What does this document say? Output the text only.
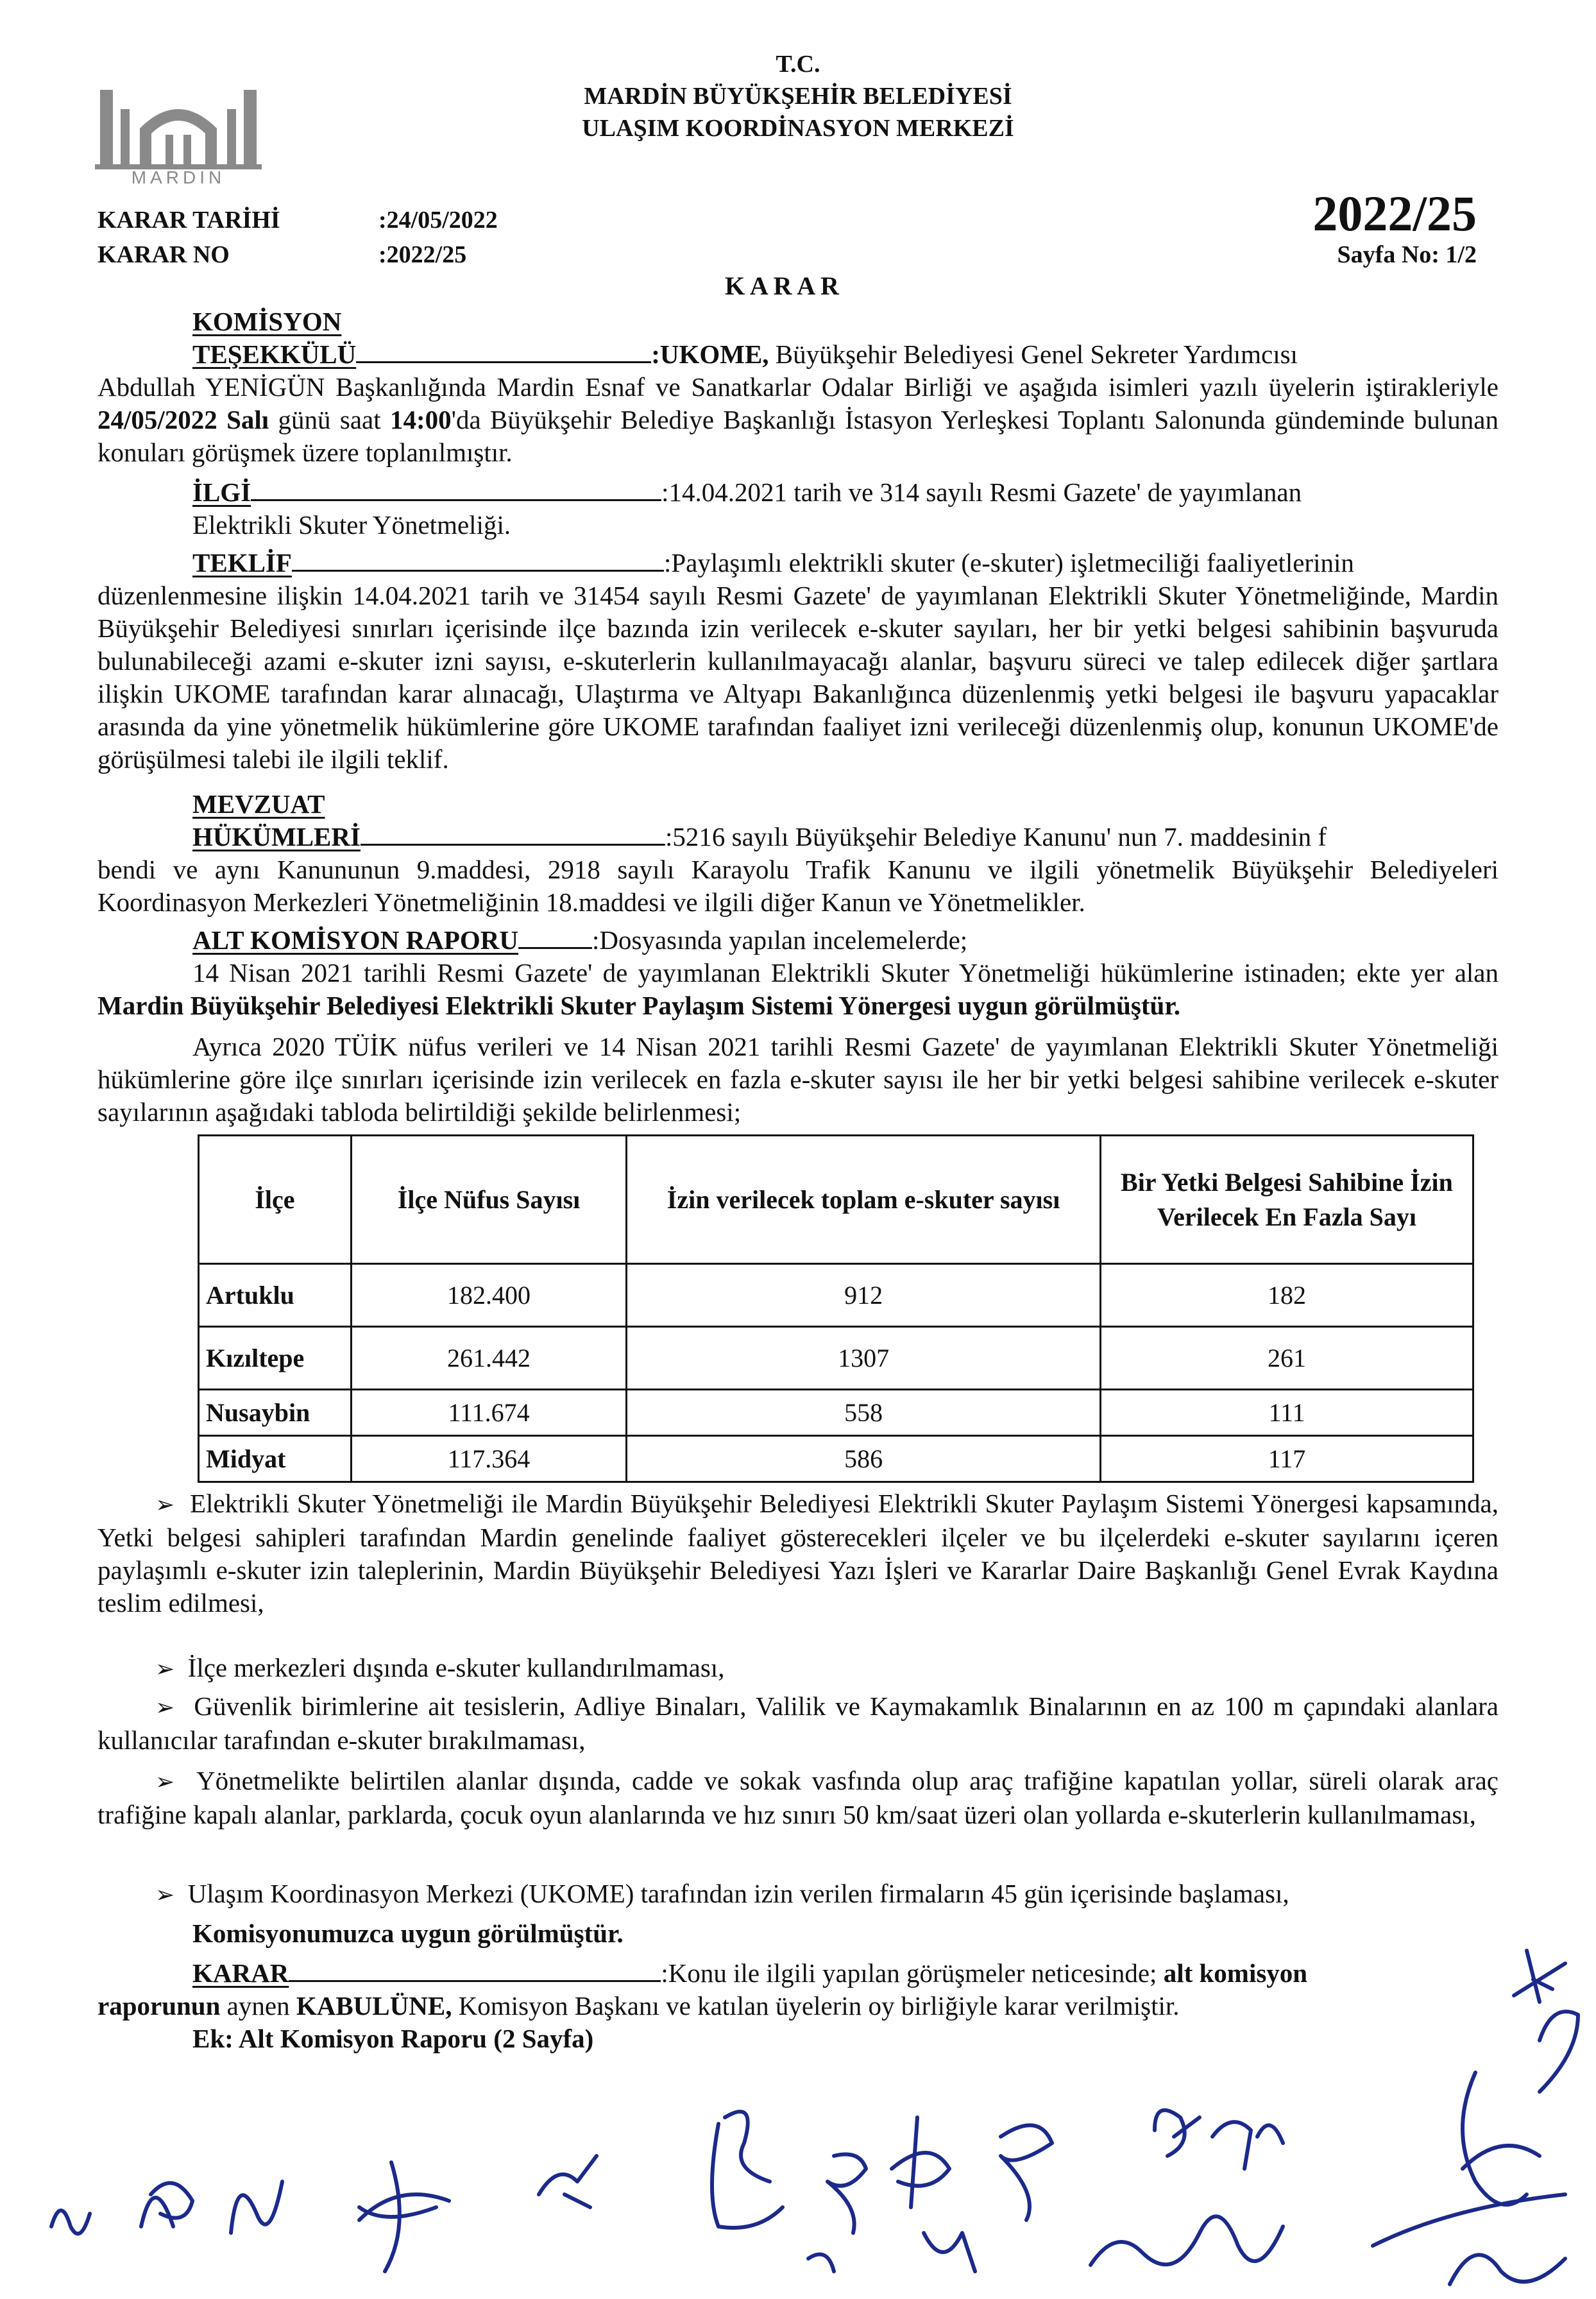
MARDİN
T.C.
MARDİN BÜYÜKŞEHİR BELEDİYESİ
ULAŞIM KOORDİNASYON MERKEZİ
KARAR TARİHİ	:24/05/2022
KARAR NO	:2022/25
2022/25
Sayfa No: 1/2
K A R A R
KOMİSYON
TEŞEKKÜLÜ	:UKOME, Büyükşehir Belediyesi Genel Sekreter Yardımcısı
Abdullah YENİGÜN Başkanlığında Mardin Esnaf ve Sanatkarlar Odalar Birliği ve aşağıda isimleri yazılı üyelerin iştirakleriyle 24/05/2022 Salı günü saat 14:00'da Büyükşehir Belediye Başkanlığı İstasyon Yerleşkesi Toplantı Salonunda gündeminde bulunan konuları görüşmek üzere toplanılmıştır.
İLGİ	:14.04.2021 tarih ve 314 sayılı Resmi Gazete' de yayımlanan
Elektrikli Skuter Yönetmeliği.
TEKLİF	:Paylaşımlı elektrikli skuter (e-skuter) işletmeciliği faaliyetlerinin
düzenlenmesine ilişkin 14.04.2021 tarih ve 31454 sayılı Resmi Gazete' de yayımlanan Elektrikli Skuter Yönetmeliğinde, Mardin Büyükşehir Belediyesi sınırları içerisinde ilçe bazında izin verilecek e-skuter sayıları, her bir yetki belgesi sahibinin başvuruda bulunabileceği azami e-skuter izni sayısı, e-skuterlerin kullanılmayacağı alanlar, başvuru süreci ve talep edilecek diğer şartlara ilişkin UKOME tarafından karar alınacağı, Ulaştırma ve Altyapı Bakanlığınca düzenlenmiş yetki belgesi ile başvuru yapacaklar arasında da yine yönetmelik hükümlerine göre UKOME tarafından faaliyet izni verileceği düzenlenmiş olup, konunun UKOME'de görüşülmesi talebi ile ilgili teklif.
MEVZUAT
HÜKÜMLERİ	:5216 sayılı Büyükşehir Belediye Kanunu' nun 7. maddesinin f
bendi ve aynı Kanununun 9.maddesi, 2918 sayılı Karayolu Trafik Kanunu ve ilgili yönetmelik Büyükşehir Belediyeleri Koordinasyon Merkezleri Yönetmeliğinin 18.maddesi ve ilgili diğer Kanun ve Yönetmelikler.
ALT KOMİSYON RAPORU	:Dosyasında yapılan incelemelerde;
14 Nisan 2021 tarihli Resmi Gazete' de yayımlanan Elektrikli Skuter Yönetmeliği hükümlerine istinaden; ekte yer alan Mardin Büyükşehir Belediyesi Elektrikli Skuter Paylaşım Sistemi Yönergesi uygun görülmüştür.
Ayrıca 2020 TÜİK nüfus verileri ve 14 Nisan 2021 tarihli Resmi Gazete' de yayımlanan Elektrikli Skuter Yönetmeliği hükümlerine göre ilçe sınırları içerisinde izin verilecek en fazla e-skuter sayısı ile her bir yetki belgesi sahibine verilecek e-skuter sayılarının aşağıdaki tabloda belirtildiği şekilde belirlenmesi;
İlçe	İlçe Nüfus Sayısı	İzin verilecek toplam e-skuter sayısı	Bir Yetki Belgesi Sahibine İzin Verilecek En Fazla Sayı
Artuklu	182.400	912	182
Kızıltepe	261.442	1307	261
Nusaybin	111.674	558	111
Midyat	117.364	586	117
➢ Elektrikli Skuter Yönetmeliği ile Mardin Büyükşehir Belediyesi Elektrikli Skuter Paylaşım Sistemi Yönergesi kapsamında, Yetki belgesi sahipleri tarafından Mardin genelinde faaliyet gösterecekleri ilçeler ve bu ilçelerdeki e-skuter sayılarını içeren paylaşımlı e-skuter izin taleplerinin, Mardin Büyükşehir Belediyesi Yazı İşleri ve Kararlar Daire Başkanlığı Genel Evrak Kaydına teslim edilmesi,
➢ İlçe merkezleri dışında e-skuter kullandırılmaması,
➢ Güvenlik birimlerine ait tesislerin, Adliye Binaları, Valilik ve Kaymakamlık Binalarının en az 100 m çapındaki alanlara kullanıcılar tarafından e-skuter bırakılmaması,
➢ Yönetmelikte belirtilen alanlar dışında, cadde ve sokak vasfında olup araç trafiğine kapatılan yollar, süreli olarak araç trafiğine kapalı alanlar, parklarda, çocuk oyun alanlarında ve hız sınırı 50 km/saat üzeri olan yollarda e-skuterlerin kullanılmaması,
➢ Ulaşım Koordinasyon Merkezi (UKOME) tarafından izin verilen firmaların 45 gün içerisinde başlaması,
Komisyonumuzca uygun görülmüştür.
KARAR	:Konu ile ilgili yapılan görüşmeler neticesinde; alt komisyon
raporunun aynen KABULÜNE, Komisyon Başkanı ve katılan üyelerin oy birliğiyle karar verilmiştir.
Ek: Alt Komisyon Raporu (2 Sayfa)
